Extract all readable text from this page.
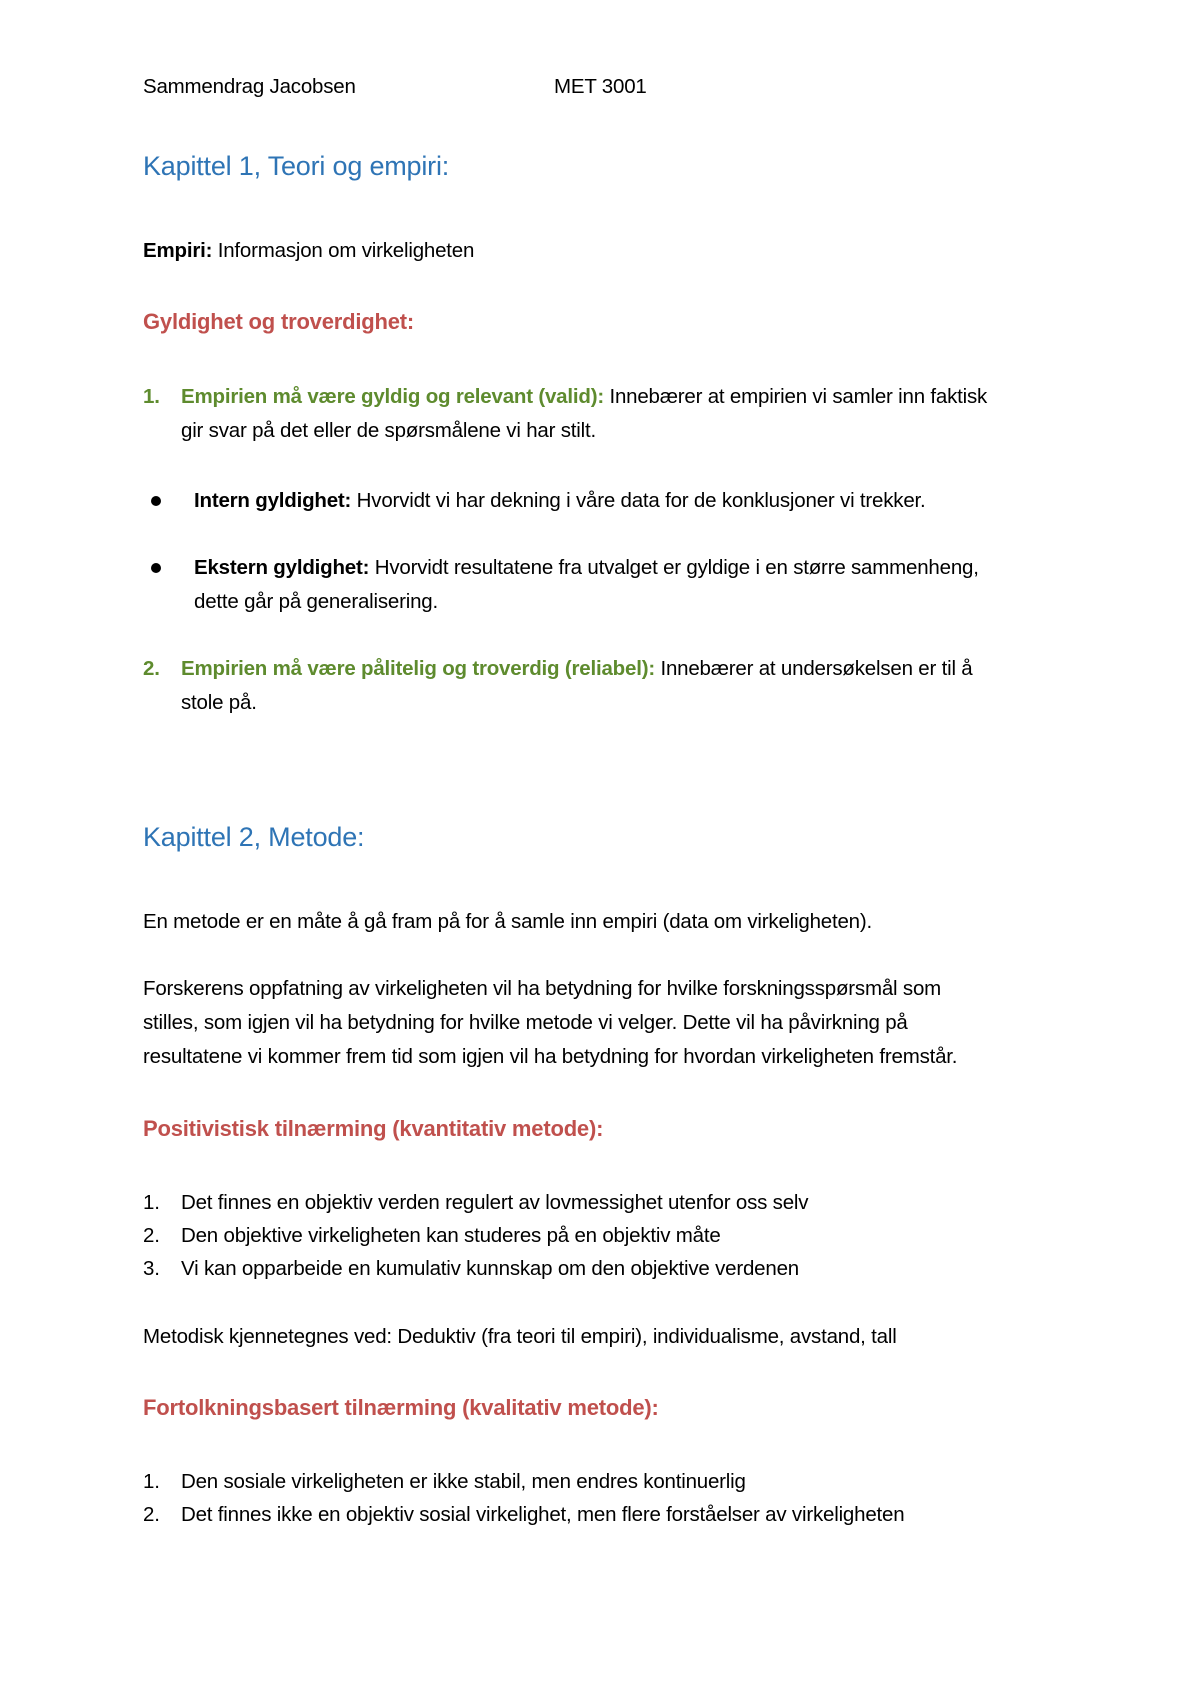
Sammendrag Jacobsen	MET 3001
Kapittel 1, Teori og empiri:
Empiri: Informasjon om virkeligheten
Gyldighet og troverdighet:
1. Empirien må være gyldig og relevant (valid): Innebærer at empirien vi samler inn faktisk
gir svar på det eller de spørsmålene vi har stilt.
Intern gyldighet: Hvorvidt vi har dekning i våre data for de konklusjoner vi trekker.
Ekstern gyldighet: Hvorvidt resultatene fra utvalget er gyldige i en større sammenheng,
dette går på generalisering.
2. Empirien må være pålitelig og troverdig (reliabel): Innebærer at undersøkelsen er til å
stole på.
Kapittel 2, Metode:
En metode er en måte å gå fram på for å samle inn empiri (data om virkeligheten).
Forskerens oppfatning av virkeligheten vil ha betydning for hvilke forskningsspørsmål som
stilles, som igjen vil ha betydning for hvilke metode vi velger. Dette vil ha påvirkning på
resultatene vi kommer frem tid som igjen vil ha betydning for hvordan virkeligheten fremstår.
Positivistisk tilnærming (kvantitativ metode):
1. Det finnes en objektiv verden regulert av lovmessighet utenfor oss selv
2. Den objektive virkeligheten kan studeres på en objektiv måte
3. Vi kan opparbeide en kumulativ kunnskap om den objektive verdenen
Metodisk kjennetegnes ved: Deduktiv (fra teori til empiri), individualisme, avstand, tall
Fortolkningsbasert tilnærming (kvalitativ metode):
1. Den sosiale virkeligheten er ikke stabil, men endres kontinuerlig
2. Det finnes ikke en objektiv sosial virkelighet, men flere forståelser av virkeligheten
